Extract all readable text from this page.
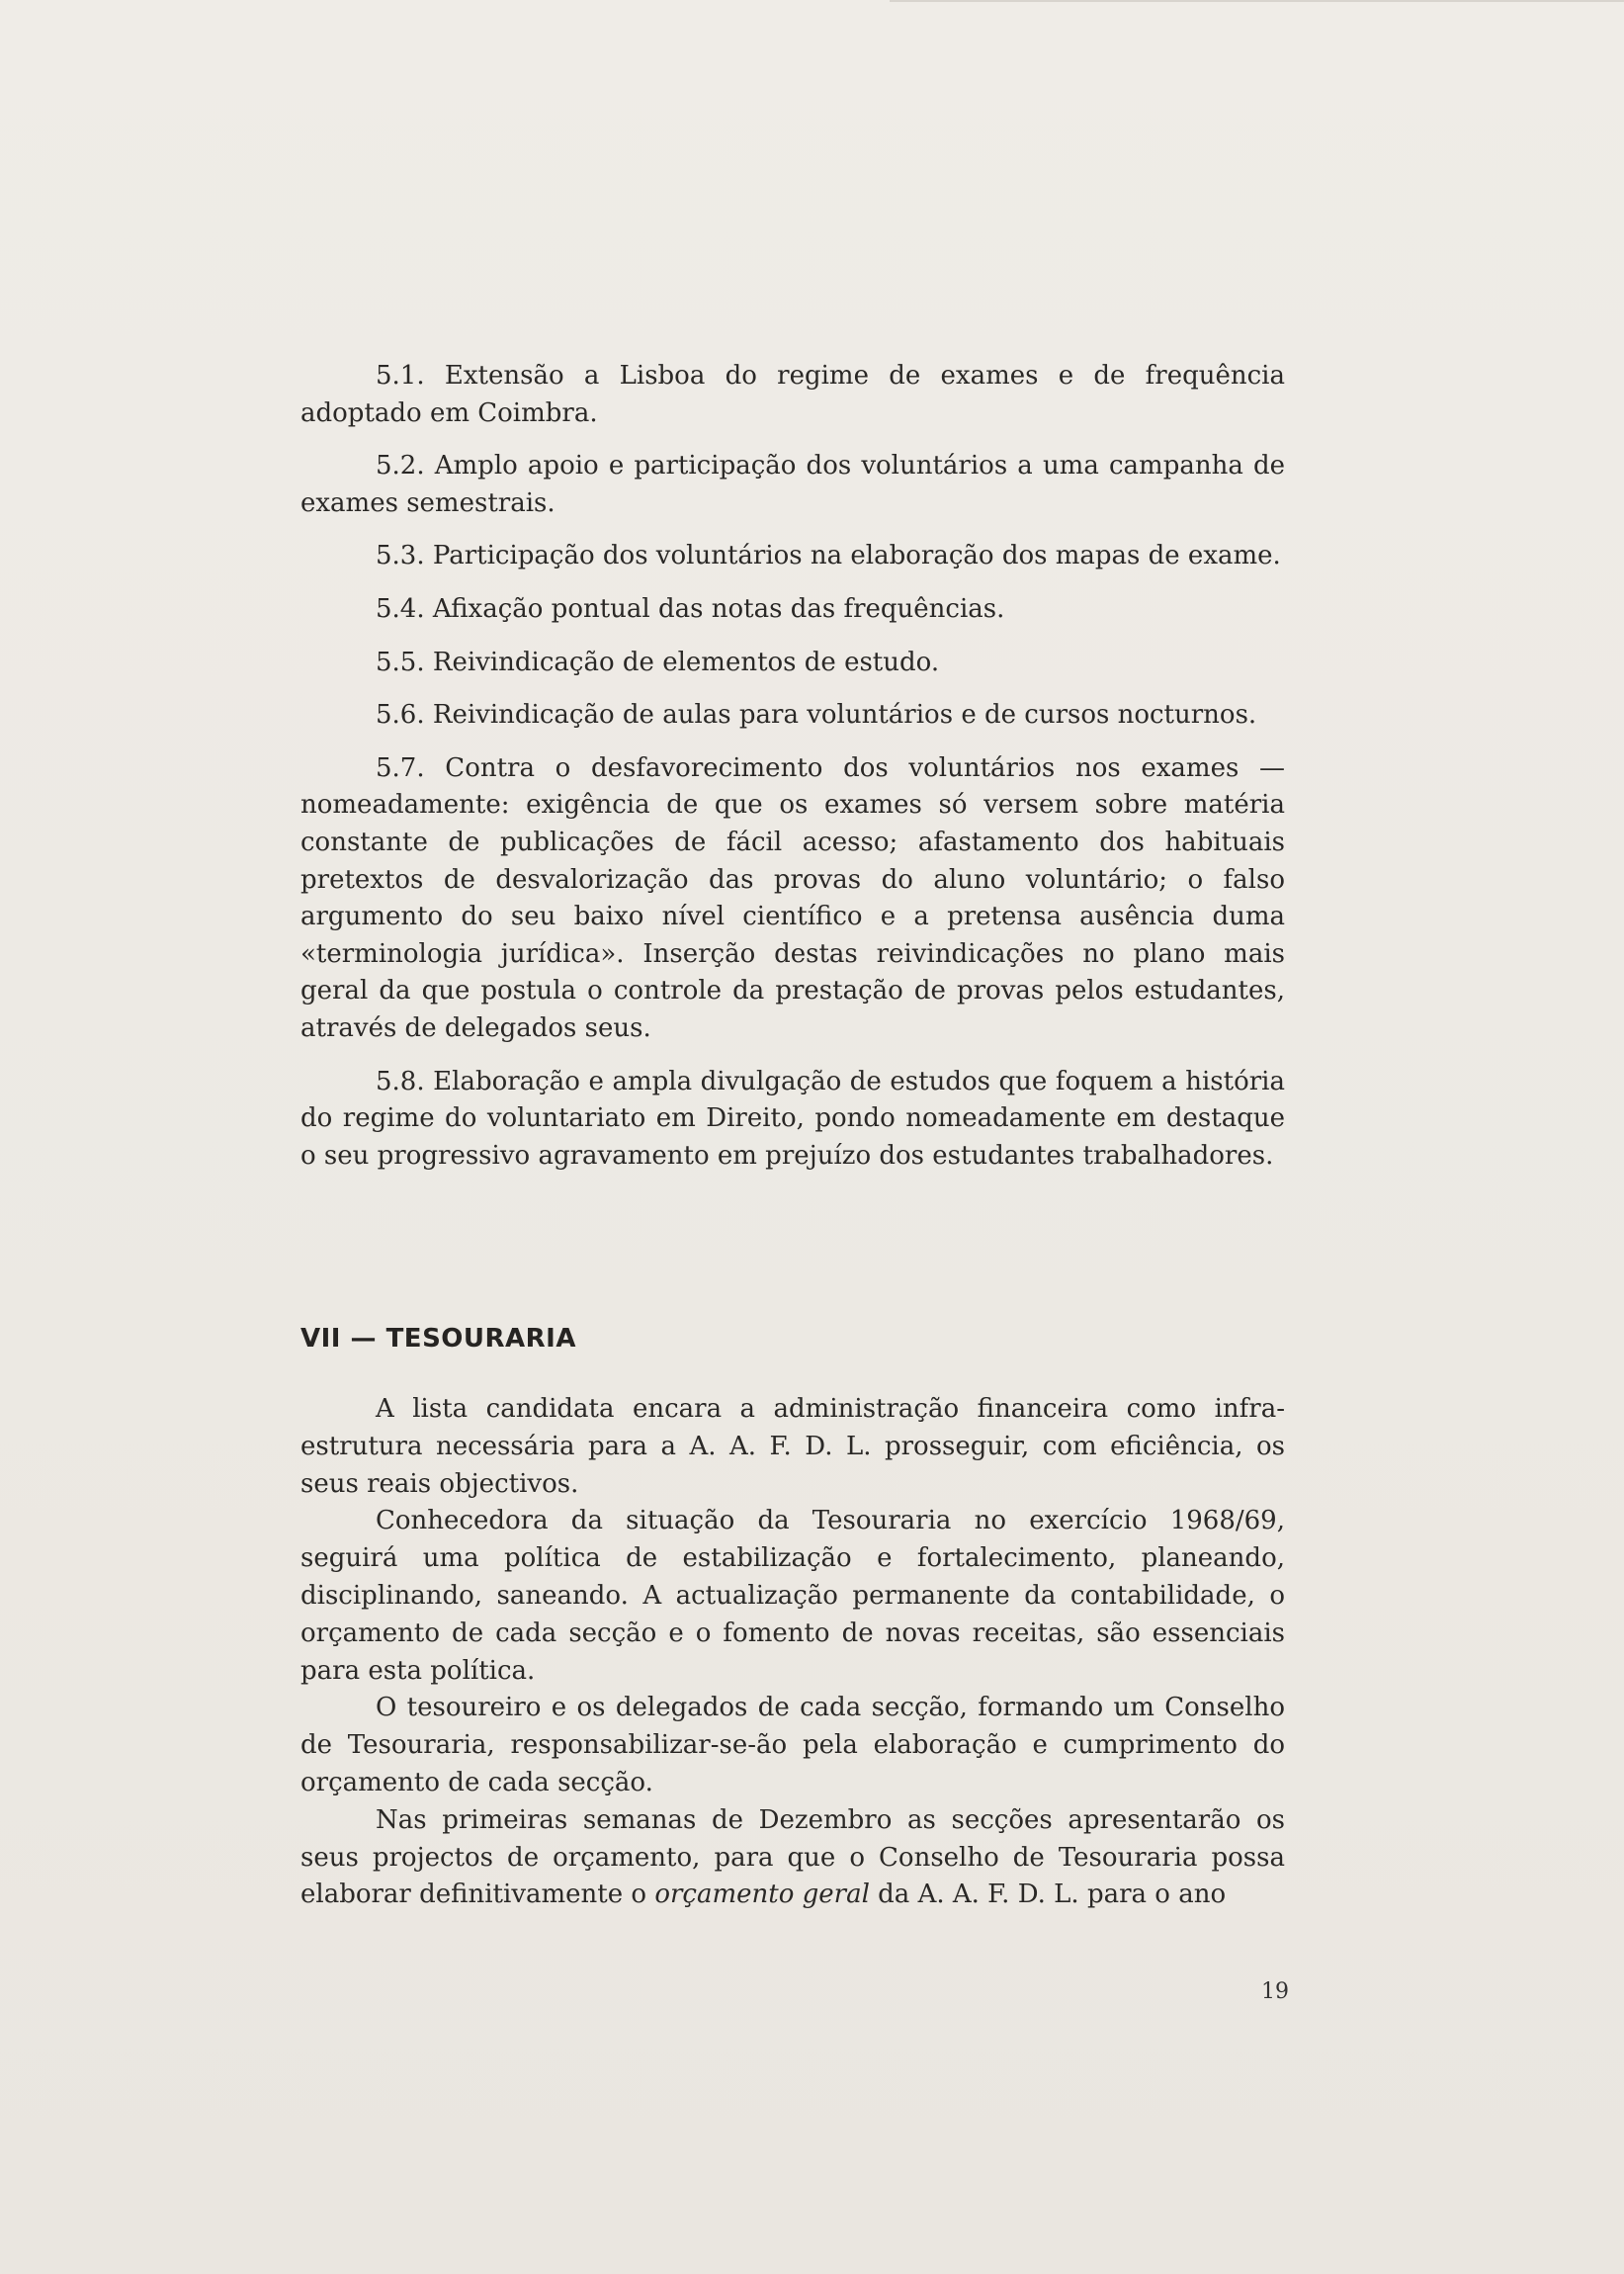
5.1. Extensão a Lisboa do regime de exames e de frequência adoptado em Coimbra.

5.2. Amplo apoio e participação dos voluntários a uma campanha de exames semestrais.

5.3. Participação dos voluntários na elaboração dos mapas de exame.

5.4. Afixação pontual das notas das frequências.

5.5. Reivindicação de elementos de estudo.

5.6. Reivindicação de aulas para voluntários e de cursos nocturnos.

5.7. Contra o desfavorecimento dos voluntários nos exames — nomeadamente: exigência de que os exames só versem sobre matéria constante de publicações de fácil acesso; afastamento dos habituais pretextos de desvalorização das provas do aluno voluntário; o falso argumento do seu baixo nível científico e a pretensa ausência duma «terminologia jurídica». Inserção destas reivindicações no plano mais geral da que postula o controle da prestação de provas pelos estudantes, através de delegados seus.

5.8. Elaboração e ampla divulgação de estudos que foquem a história do regime do voluntariato em Direito, pondo nomeadamente em destaque o seu progressivo agravamento em prejuízo dos estudantes trabalhadores.

VII — TESOURARIA

A lista candidata encara a administração financeira como infra-estrutura necessária para a A. A. F. D. L. prosseguir, com eficiência, os seus reais objectivos.

Conhecedora da situação da Tesouraria no exercício 1968/69, seguirá uma política de estabilização e fortalecimento, planeando, disciplinando, saneando. A actualização permanente da contabilidade, o orçamento de cada secção e o fomento de novas receitas, são essenciais para esta política.

O tesoureiro e os delegados de cada secção, formando um Conselho de Tesouraria, responsabilizar-se-ão pela elaboração e cumprimento do orçamento de cada secção.

Nas primeiras semanas de Dezembro as secções apresentarão os seus projectos de orçamento, para que o Conselho de Tesouraria possa elaborar definitivamente o orçamento geral da A. A. F. D. L. para o ano

19
